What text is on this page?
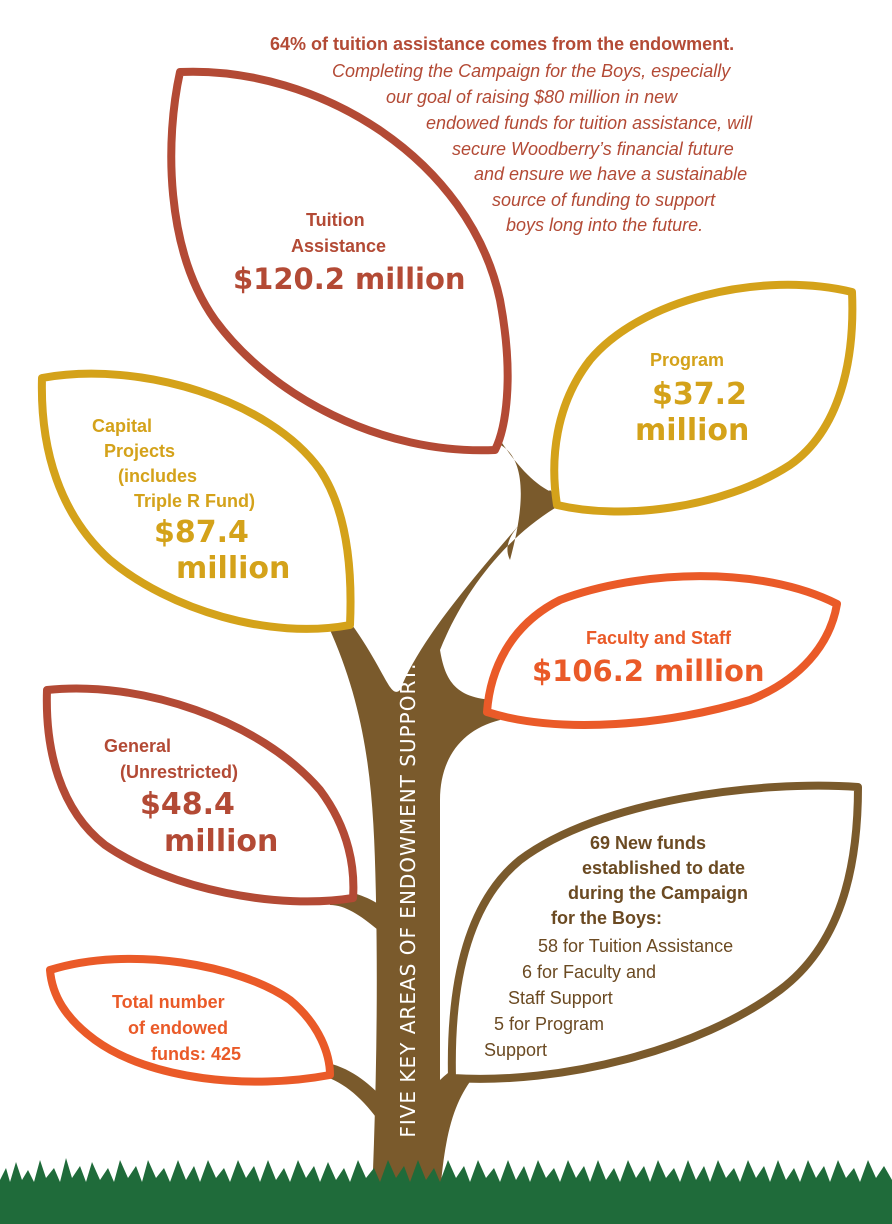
64% of tuition assistance comes from the endowment.
Completing the Campaign for the Boys, especially
our goal of raising $80 million in new
endowed funds for tuition assistance, will
secure Woodberry’s financial future
and ensure we have a sustainable
source of funding to support
boys long into the future.
Tuition
Assistance
$120.2 million
Program
$37.2
million
Capital
Projects
(includes
Triple R Fund)
$87.4
million
Faculty and Staff
$106.2 million
General
(Unrestricted)
$48.4
million	69 New funds
established to date
during the Campaign
for the Boys:
58 for Tuition Assistance
6 for Faculty and
Staff Support
5 for Program
Support
Total number
of endowed
funds: 425	FIVE KEY AREAS OF ENDOWMENT SUPPORT:
